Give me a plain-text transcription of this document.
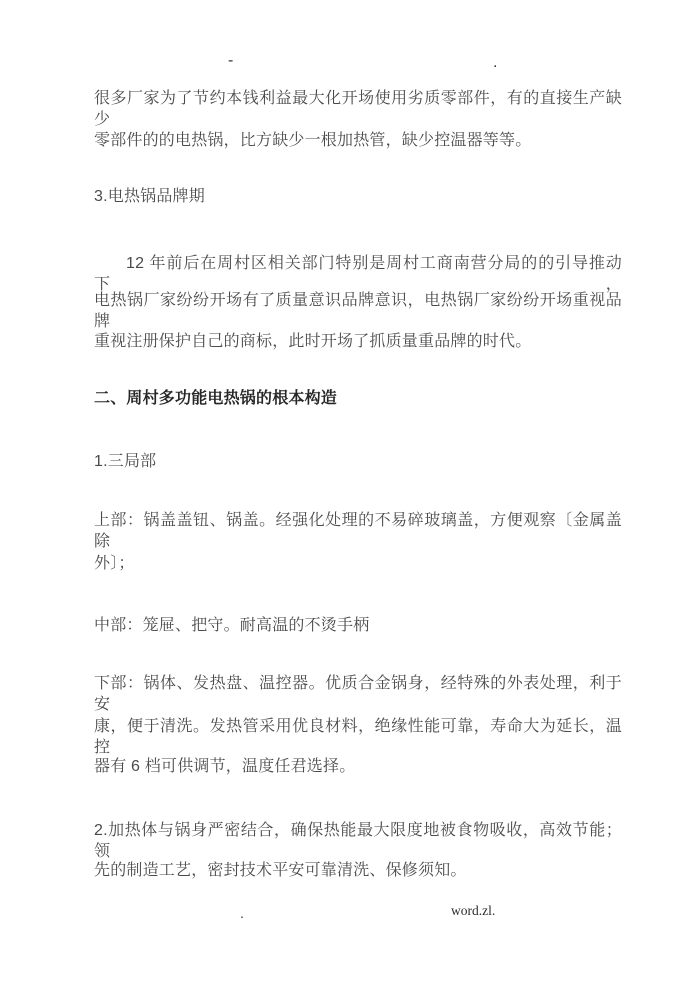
-	.
很多厂家为了节约本钱利益最大化开场使用劣质零部件，有的直接生产缺少
零部件的的电热锅，比方缺少一根加热管，缺少控温器等等。
3.电热锅品牌期
12 年前后在周村区相关部门特别是周村工商南营分局的的引导推动下，
电热锅厂家纷纷开场有了质量意识品牌意识，电热锅厂家纷纷开场重视品牌
重视注册保护自己的商标，此时开场了抓质量重品牌的时代。
二、周村多功能电热锅的根本构造
1.三局部
上部：锅盖盖钮、锅盖。经强化处理的不易碎玻璃盖，方便观察〔金属盖除
外〕；
中部：笼屉、把守。耐高温的不烫手柄
下部：锅体、发热盘、温控器。优质合金锅身，经特殊的外表处理，利于安
康，便于清洗。发热管采用优良材料，绝缘性能可靠，寿命大为延长，温控
器有 6 档可供调节，温度任君选择。
2.加热体与锅身严密结合，确保热能最大限度地被食物吸收，高效节能；领
先的制造工艺，密封技术平安可靠清洗、保修须知。
.	word.zl.
